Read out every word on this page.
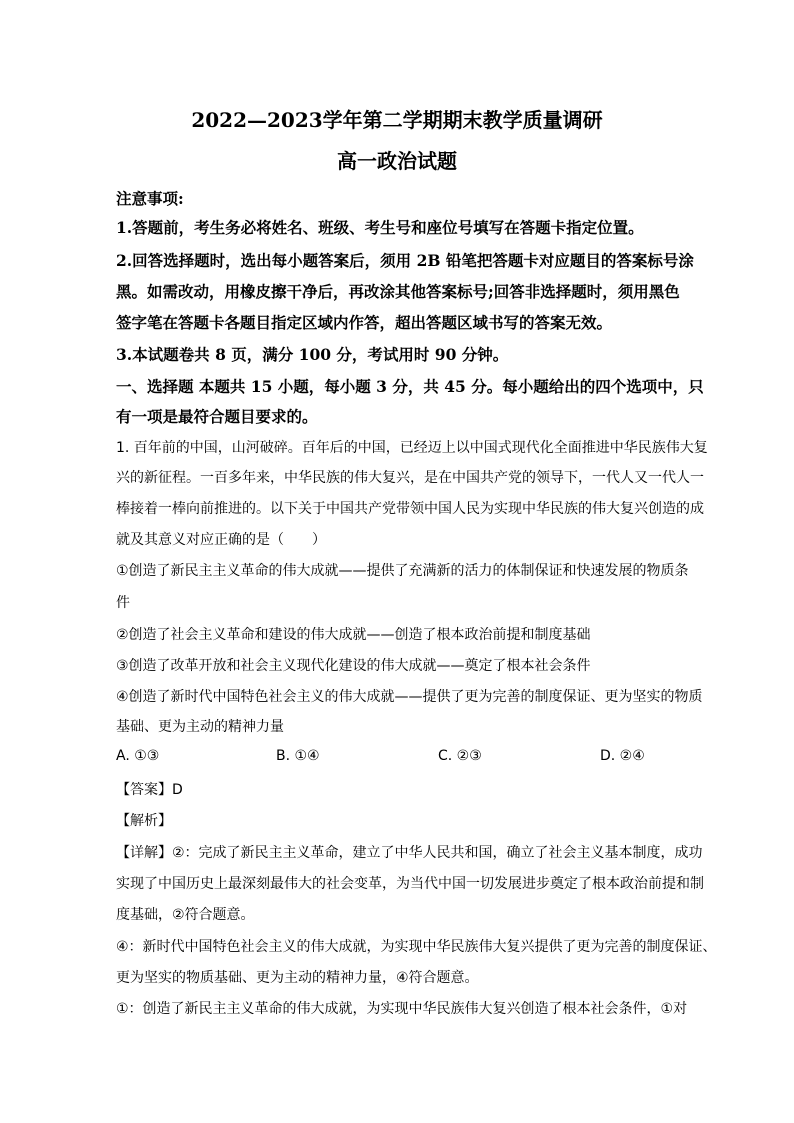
2022—2023学年第二学期期末教学质量调研
高一政治试题
注意事项:
1.答题前，考生务必将姓名、班级、考生号和座位号填写在答题卡指定位置。
2.回答选择题时，选出每小题答案后，须用 2B 铅笔把答题卡对应题目的答案标号涂
黑。如需改动，用橡皮擦干净后，再改涂其他答案标号;回答非选择题时，须用黑色
签字笔在答题卡各题目指定区域内作答，超出答题区域书写的答案无效。
3.本试题卷共 8 页，满分 100 分，考试用时 90 分钟。
一、选择题 本题共 15 小题，每小题 3 分，共 45 分。每小题给出的四个选项中，只
有一项是最符合题目要求的。
1. 百年前的中国，山河破碎。百年后的中国，已经迈上以中国式现代化全面推进中华民族伟大复
兴的新征程。一百多年来，中华民族的伟大复兴，是在中国共产党的领导下，一代人又一代人一
棒接着一棒向前推进的。以下关于中国共产党带领中国人民为实现中华民族的伟大复兴创造的成
就及其意义对应正确的是（　　）
①创造了新民主主义革命的伟大成就——提供了充满新的活力的体制保证和快速发展的物质条
件
②创造了社会主义革命和建设的伟大成就——创造了根本政治前提和制度基础
③创造了改革开放和社会主义现代化建设的伟大成就——奠定了根本社会条件
④创造了新时代中国特色社会主义的伟大成就——提供了更为完善的制度保证、更为坚实的物质
基础、更为主动的精神力量
A. ①③	B. ①④	C. ②③	D. ②④
【答案】D
【解析】
【详解】②：完成了新民主主义革命，建立了中华人民共和国，确立了社会主义基本制度，成功
实现了中国历史上最深刻最伟大的社会变革，为当代中国一切发展进步奠定了根本政治前提和制
度基础，②符合题意。
④：新时代中国特色社会主义的伟大成就，为实现中华民族伟大复兴提供了更为完善的制度保证、
更为坚实的物质基础、更为主动的精神力量，④符合题意。
①：创造了新民主主义革命的伟大成就，为实现中华民族伟大复兴创造了根本社会条件，①对
